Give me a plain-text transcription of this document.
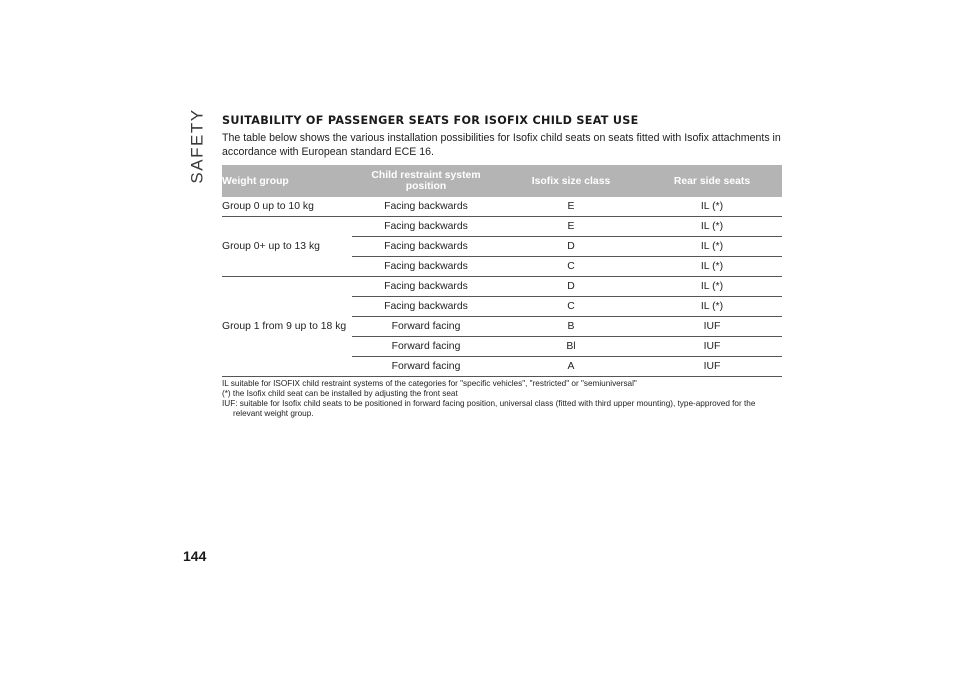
SAFETY SUITABILITY OF PASSENGER SEATS FOR ISOFIX CHILD SEAT USE

The table below shows the various installation possibilities for Isofix child seats on seats fitted with Isofix attachments in accordance with European standard ECE 16.

Weight group	Child restraint system position	Isofix size class	Rear side seats
Group 0 up to 10 kg	Facing backwards	E	IL (*)
Group 0+ up to 13 kg	Facing backwards	E	IL (*)
	Facing backwards	D	IL (*)
	Facing backwards	C	IL (*)
Group 1 from 9 up to 18 kg	Facing backwards	D	IL (*)
	Facing backwards	C	IL (*)
	Forward facing	B	IUF
	Forward facing	Bl	IUF
	Forward facing	A	IUF

IL suitable for ISOFIX child restraint systems of the categories for "specific vehicles", "restricted" or "semiuniversal"

(*) the Isofix child seat can be installed by adjusting the front seat

IUF: suitable for Isofix child seats to be positioned in forward facing position, universal class (fitted with third upper mounting), type-approved for the relevant weight group.

144
